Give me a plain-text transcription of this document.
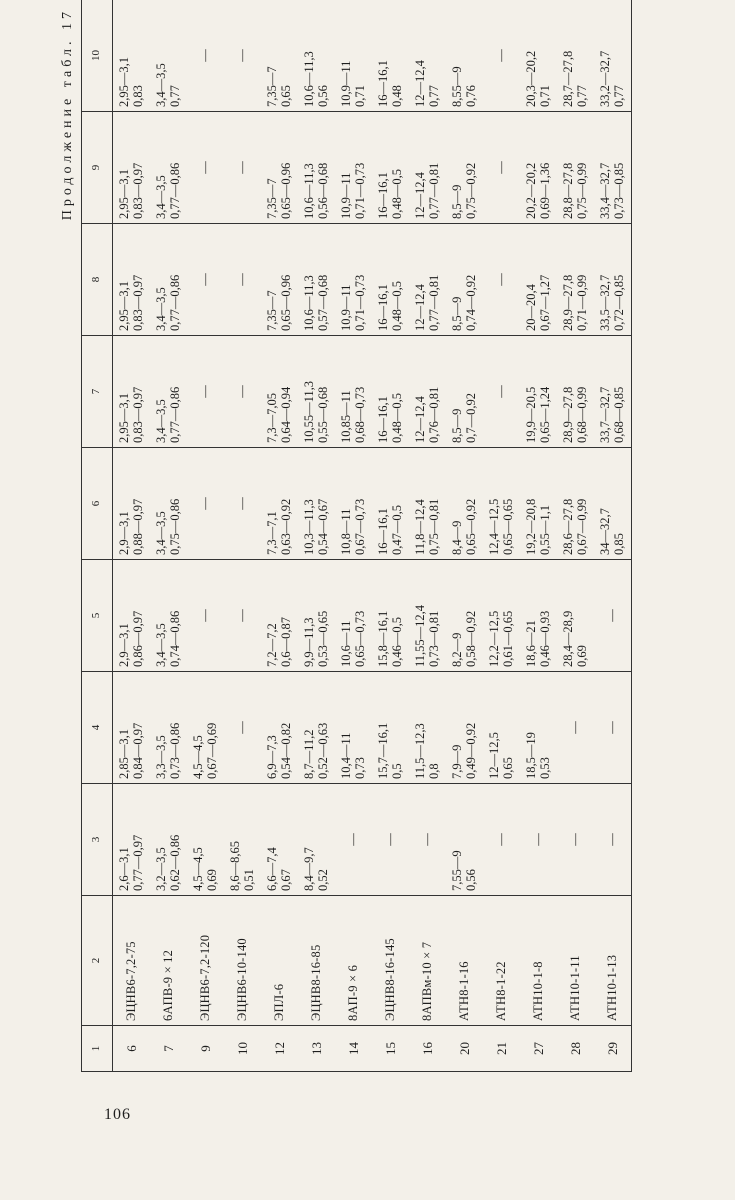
106
Продолжение табл. 17
1	2	3	4	5	6	7	8	9	10
6	ЭЦНВ6-7,2-75	2,6—3,1 0,77—0,97	2,85—3,1 0,84—0,97	2,9—3,1 0,86—0,97	2,9—3,1 0,88—0,97	2,95—3,1 0,83—0,97	2,95—3,1 0,83—0,97	2,95—3,1 0,83—0,97	2,95—3,1 0,83

7	6АПВ-9 × 12	3,2—3,5 0,62—0,86	3,3—3,5 0,73—0,86	3,4—3,5 0,74—0,86	3,4—3,5 0,75—0,86	3,4—3,5 0,77—0,86	3,4—3,5 0,77—0,86	3,4—3,5 0,77—0,86	3,4—3,5 0,77

9	ЭЦНВ6-7,2-120	4,5—4,5 0,69	4,5—4,5 0,67—0,69	—	—	—	—	—	—

10	ЭЦНВ6-10-140	8,6—8,65 0,51	—	—	—	—	—	—	—

12	ЭПЛ-6	6,6—7,4 0,67	6,9—7,3 0,54—0,82	7,2—7,2 0,6—0,87	7,3—7,1 0,63—0,92	7,3—7,05 0,64—0,94	7,35—7 0,65—0,96	7,35—7 0,65—0,96	7,35—7 0,65

13	ЭЦНВ8-16-85	8,4—9,7 0,52	8,7—11,2 0,52—0,63	9,9—11,3 0,53—0,65	10,3—11,3 0,54—0,67	10,55—11,3 0,55—0,68	10,6—11,3 0,57—0,68	10,6—11,3 0,56—0,68	10,6—11,3 0,56

14	8АП-9 × 6	—	10,4—11 0,73	10,6—11 0,65—0,73	10,8—11 0,67—0,73	10,85—11 0,68—0,73	10,9—11 0,71—0,73	10,9—11 0,71—0,73	10,9—11 0,71

15	ЭЦНВ8-16-145	—	15,7—16,1 0,5	15,8—16,1 0,46—0,5	16—16,1 0,47—0,5	16—16,1 0,48—0,5	16—16,1 0,48—0,5	16—16,1 0,48—0,5	16—16,1 0,48

16	8АПВм-10 × 7	—	11,5—12,3 0,8	11,55—12,4 0,73—0,81	11,8—12,4 0,75—0,81	12—12,4 0,76—0,81	12—12,4 0,77—0,81	12—12,4 0,77—0,81	12—12,4 0,77

20	АТН8-1-16	7,55—9 0,56	7,9—9 0,49—0,92	8,2—9 0,58—0,92	8,4—9 0,65—0,92	8,5—9 0,7—0,92	8,5—9 0,74—0,92	8,5—9 0,75—0,92	8,55—9 0,76

21	АТН8-1-22	—	12—12,5 0,65	12,2—12,5 0,61—0,65	12,4—12,5 0,65—0,65	—	—	—	—

27	АТН10-1-8	—	18,5—19 0,53	18,6—21 0,46—0,93	19,2—20,8 0,55—1,1	19,9—20,5 0,65—1,24	20—20,4 0,67—1,27	20,2—20,2 0,69—1,36	20,3—20,2 0,71

28	АТН10-1-11	—	—	28,4—28,9 0,69	28,6—27,8 0,67—0,99	28,9—27,8 0,68—0,99	28,9—27,8 0,71—0,99	28,8—27,8 0,75—0,99	28,7—27,8 0,77

29	АТН10-1-13	—	—	—	34—32,7 0,85	33,7—32,7 0,68—0,85	33,5—32,7 0,72—0,85	33,4—32,7 0,73—0,85	33,2—32,7 0,77
